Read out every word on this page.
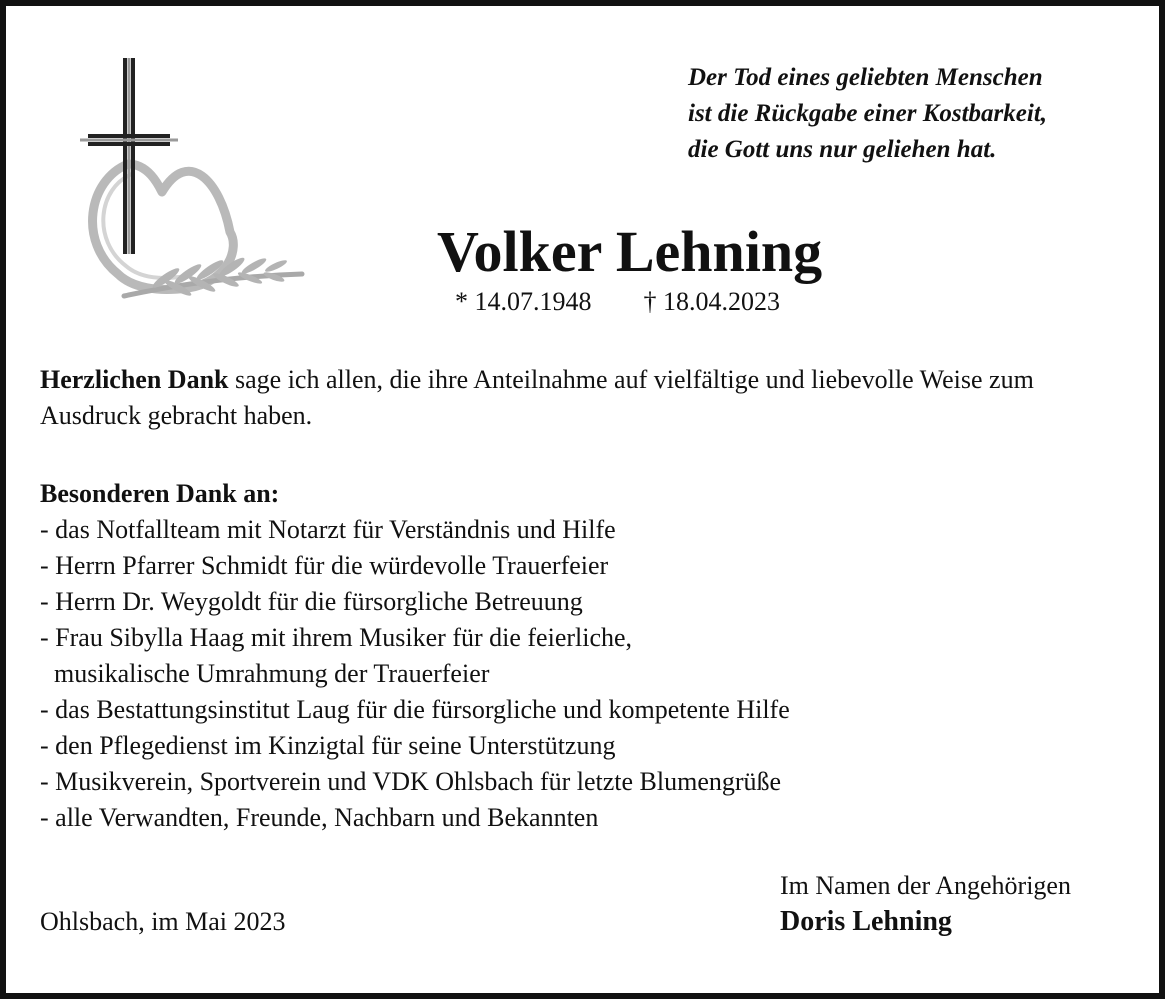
Der Tod eines geliebten Menschen
ist die Rückgabe einer Kostbarkeit,
die Gott uns nur geliehen hat.
Volker Lehning
* 14.07.1948 † 18.04.2023
Herzlichen Dank sage ich allen, die ihre Anteilnahme auf vielfältige und liebevolle Weise zum Ausdruck gebracht haben.
Besonderen Dank an:
- das Notfallteam mit Notarzt für Verständnis und Hilfe
- Herrn Pfarrer Schmidt für die würdevolle Trauerfeier
- Herrn Dr. Weygoldt für die fürsorgliche Betreuung
- Frau Sibylla Haag mit ihrem Musiker für die feierliche,
musikalische Umrahmung der Trauerfeier
- das Bestattungsinstitut Laug für die fürsorgliche und kompetente Hilfe
- den Pflegedienst im Kinzigtal für seine Unterstützung
- Musikverein, Sportverein und VDK Ohlsbach für letzte Blumengrüße
- alle Verwandten, Freunde, Nachbarn und Bekannten
Ohlsbach, im Mai 2023
Im Namen der Angehörigen
Doris Lehning
